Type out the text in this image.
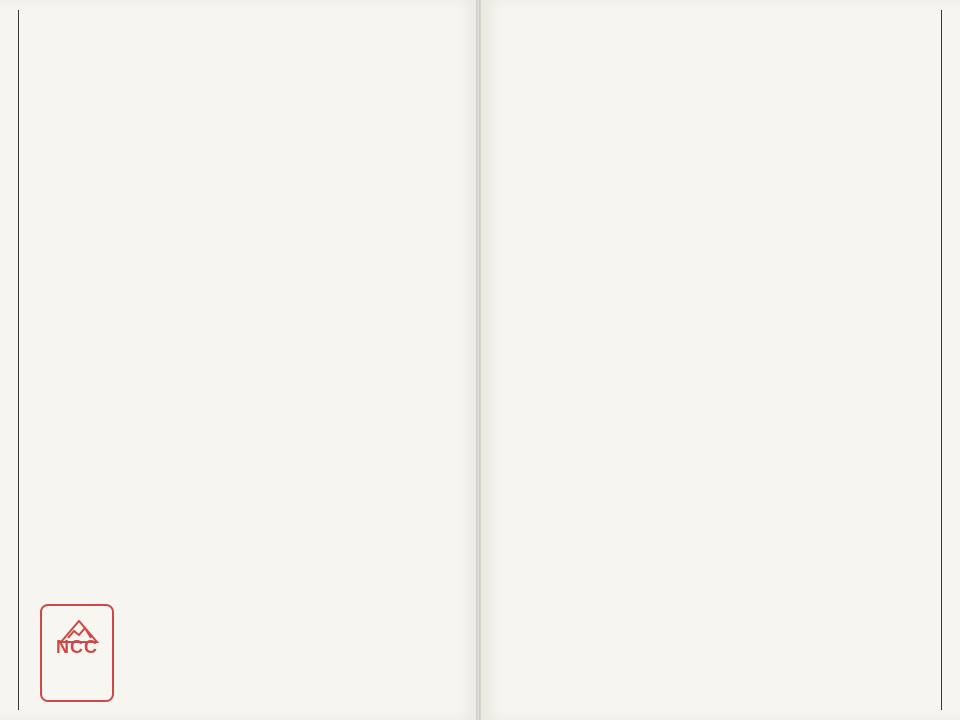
NCC
